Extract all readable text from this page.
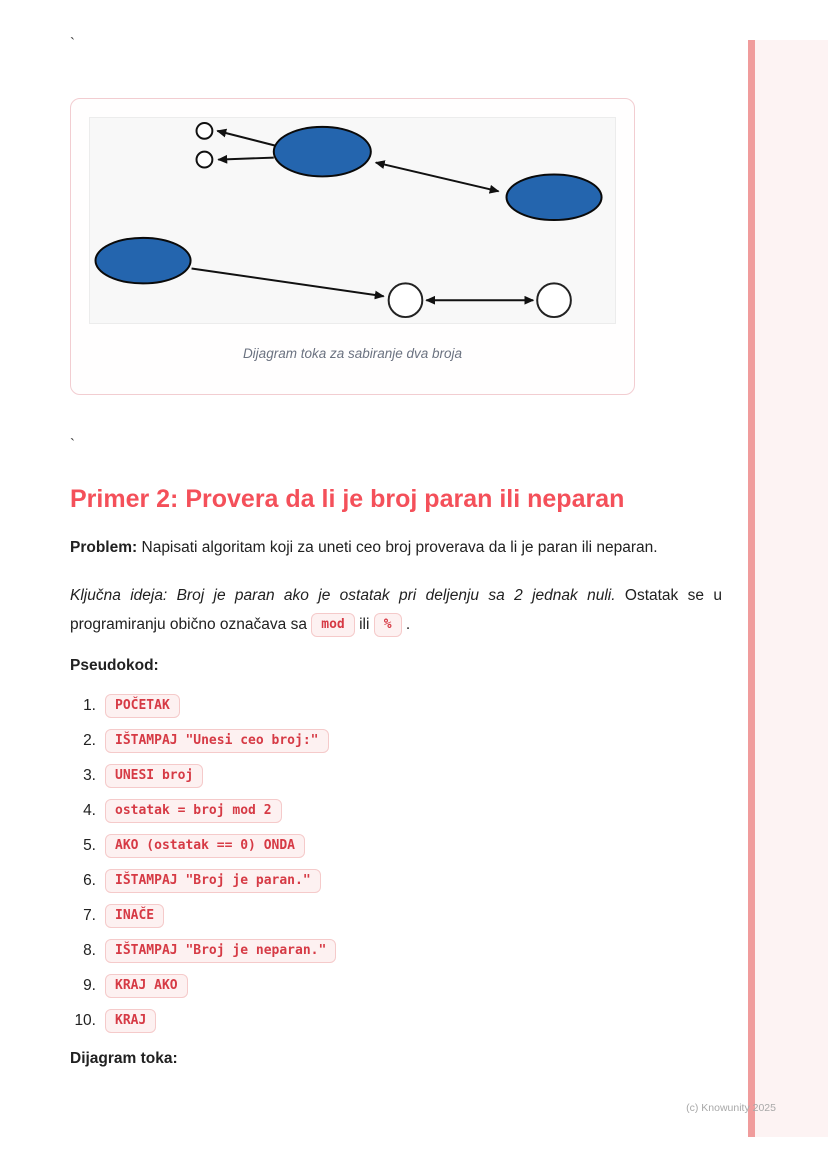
(c) Knowunity 2025
`
Dijagram toka za sabiranje dva broja
`
Primer 2: Provera da li je broj paran ili neparan

Problem: Napisati algoritam koji za uneti ceo broj proverava da li je paran ili neparan.

Ključna ideja: Broj je paran ako je ostatak pri deljenju sa 2 jednak nuli. Ostatak se u programiranju obično označava sa mod ili % .

Pseudokod:
1.	POČETAK
2.	IŠTAMPAJ "Unesi ceo broj:"
3.	UNESI broj
4.	ostatak = broj mod 2
5.	AKO (ostatak == 0) ONDA
6.	IŠTAMPAJ "Broj je paran."
7.	INAČE
8.	IŠTAMPAJ "Broj je neparan."
9.	KRAJ AKO
10.	KRAJ
Dijagram toka:
